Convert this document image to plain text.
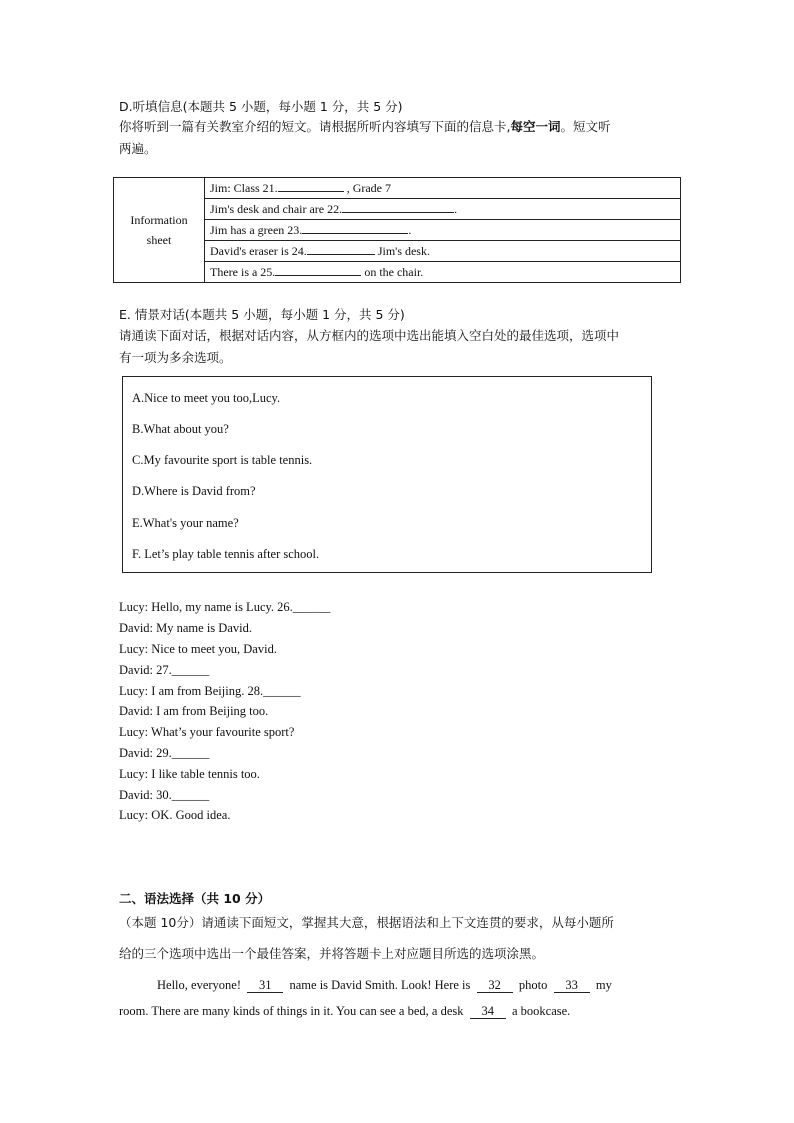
D.听填信息(本题共 5 小题，每小题 1 分，共 5 分)
你将听到一篇有关教室介绍的短文。请根据所听内容填写下面的信息卡,每空一词。短文听
两遍。
Information
sheet
	Jim: Class 21.	, Grade 7
Jim's desk and chair are 22.	.
Jim has a green 23.	.
David's eraser is 24.	Jim's desk.
There is a 25.	on the chair.
E. 情景对话(本题共 5 小题，每小题 1 分，共 5 分)
请通读下面对话，根据对话内容，从方框内的选项中选出能填入空白处的最佳选项，选项中
有一项为多余选项。
A.Nice to meet you too,Lucy.
B.What about you?
C.My favourite sport is table tennis.
D.Where is David from?
E.What's your name?
F. Let’s play table tennis after school.
Lucy: Hello, my name is Lucy. 26.______
David: My name is David.
Lucy: Nice to meet you, David.
David: 27.______
Lucy: I am from Beijing. 28.______
David: I am from Beijing too.
Lucy: What’s your favourite sport?
David: 29.______
Lucy: I like table tennis too.
David: 30.______
Lucy: OK. Good idea.
二、语法选择（共 10 分）
（本题 10分）请通读下面短文，掌握其大意，根据语法和上下文连贯的要求，从每小题所
给的三个选项中选出一个最佳答案，并将答题卡上对应题目所选的选项涂黑。
Hello, everyone! 31 name is David Smith. Look! Here is 32 photo 33 my
room. There are many kinds of things in it. You can see a bed, a desk 34 a bookcase.
